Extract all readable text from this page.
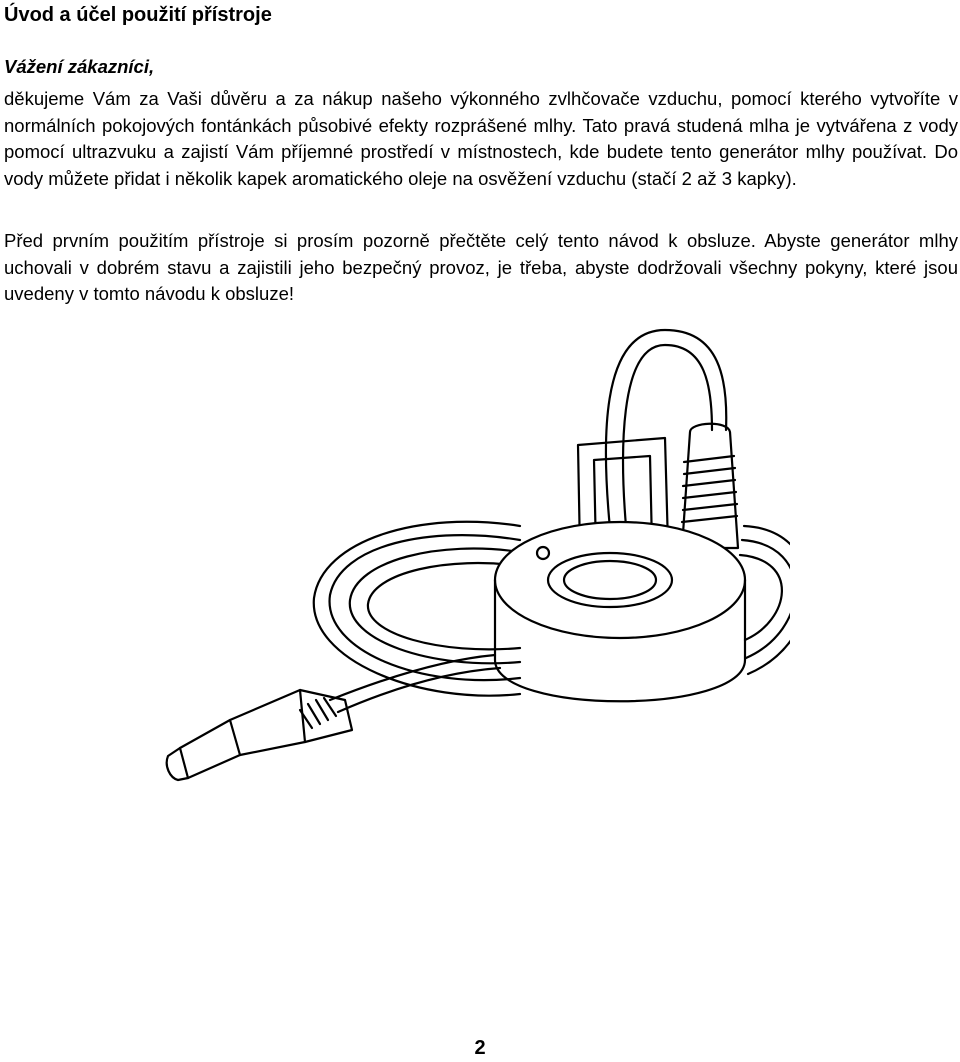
Úvod a účel použití přístroje

Vážení zákazníci,

děkujeme Vám za Vaši důvěru a za nákup našeho výkonného zvlhčovače vzduchu, pomocí kterého vytvoříte v normálních pokojových fontánkách působivé efekty rozprášené mlhy. Tato pravá studená mlha je vytvářena z vody pomocí ultrazvuku a zajistí Vám příjemné prostředí v místnostech, kde budete tento generátor mlhy používat. Do vody můžete přidat i několik kapek aromatického oleje na osvěžení vzduchu (stačí 2 až 3 kapky).

Před prvním použitím přístroje si prosím pozorně přečtěte celý tento návod k obsluze. Abyste generátor mlhy uchovali v dobrém stavu a zajistili jeho bezpečný provoz, je třeba, abyste dodržovali všechny pokyny, které jsou uvedeny v tomto návodu k obsluze!

2
